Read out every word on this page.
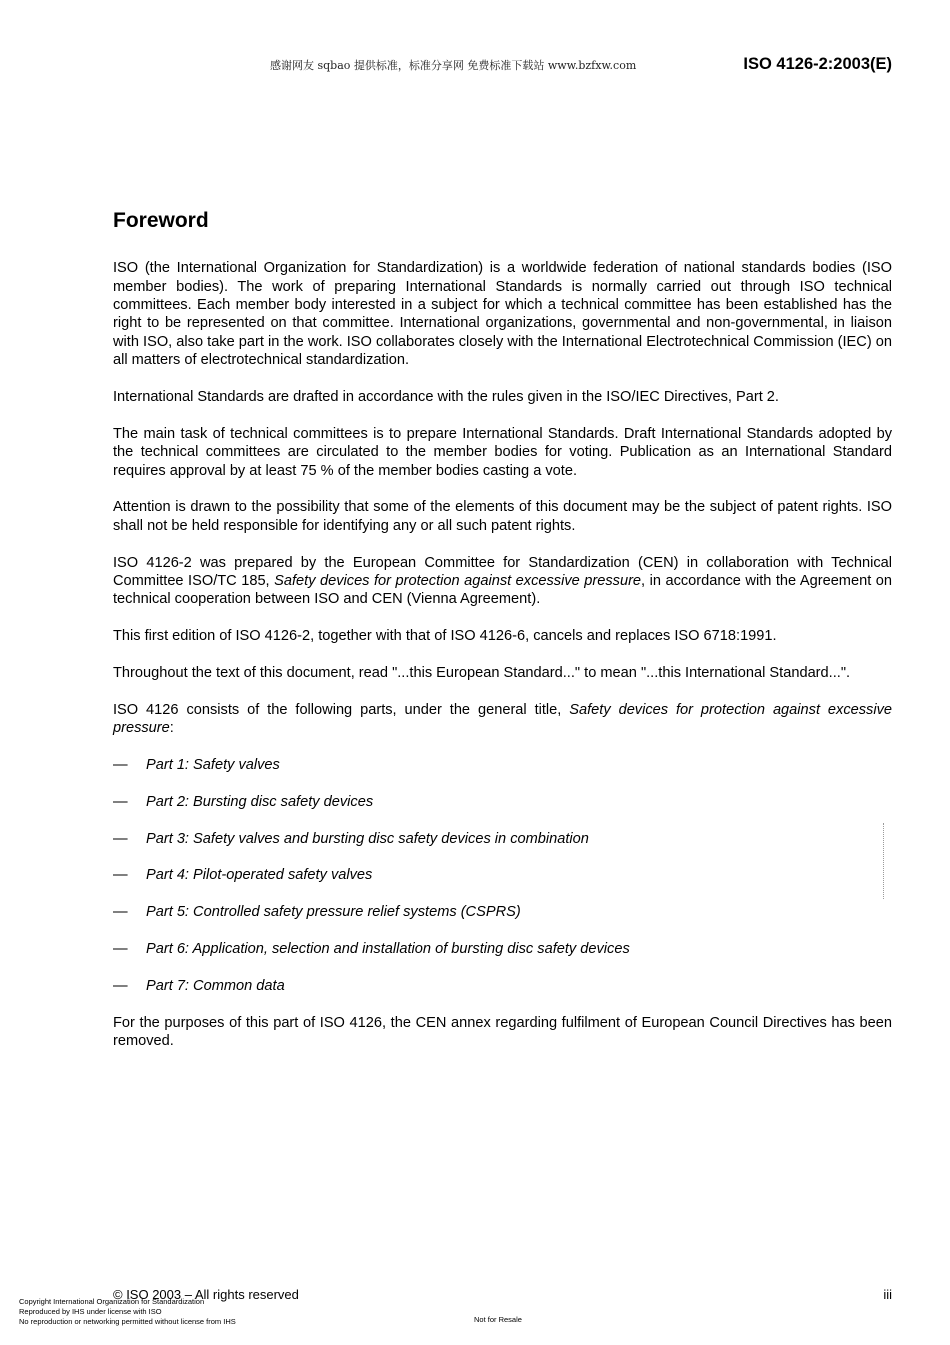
感谢网友 sqbao 提供标准，标准分享网 免费标准下载站 www.bzfxw.com	ISO 4126-2:2003(E)
Foreword

ISO (the International Organization for Standardization) is a worldwide federation of national standards bodies (ISO member bodies). The work of preparing International Standards is normally carried out through ISO technical committees. Each member body interested in a subject for which a technical committee has been established has the right to be represented on that committee. International organizations, governmental and non-governmental, in liaison with ISO, also take part in the work. ISO collaborates closely with the International Electrotechnical Commission (IEC) on all matters of electrotechnical standardization.

International Standards are drafted in accordance with the rules given in the ISO/IEC Directives, Part 2.

The main task of technical committees is to prepare International Standards. Draft International Standards adopted by the technical committees are circulated to the member bodies for voting. Publication as an International Standard requires approval by at least 75 % of the member bodies casting a vote.

Attention is drawn to the possibility that some of the elements of this document may be the subject of patent rights. ISO shall not be held responsible for identifying any or all such patent rights.

ISO 4126-2 was prepared by the European Committee for Standardization (CEN) in collaboration with Technical Committee ISO/TC 185, Safety devices for protection against excessive pressure, in accordance with the Agreement on technical cooperation between ISO and CEN (Vienna Agreement).

This first edition of ISO 4126-2, together with that of ISO 4126-6, cancels and replaces ISO 6718:1991.

Throughout the text of this document, read "...this European Standard..." to mean "...this International Standard...".

ISO 4126 consists of the following parts, under the general title, Safety devices for protection against excessive pressure:

—	Part 1: Safety valves
—	Part 2: Bursting disc safety devices
—	Part 3: Safety valves and bursting disc safety devices in combination
—	Part 4: Pilot-operated safety valves
—	Part 5: Controlled safety pressure relief systems (CSPRS)
—	Part 6: Application, selection and installation of bursting disc safety devices
—	Part 7: Common data

For the purposes of this part of ISO 4126, the CEN annex regarding fulfilment of European Council Directives has been removed.

© ISO 2003 – All rights reserved	iii
Copyright International Organization for Standardization
Reproduced by IHS under license with ISO
No reproduction or networking permitted without license from IHS	Not for Resale
